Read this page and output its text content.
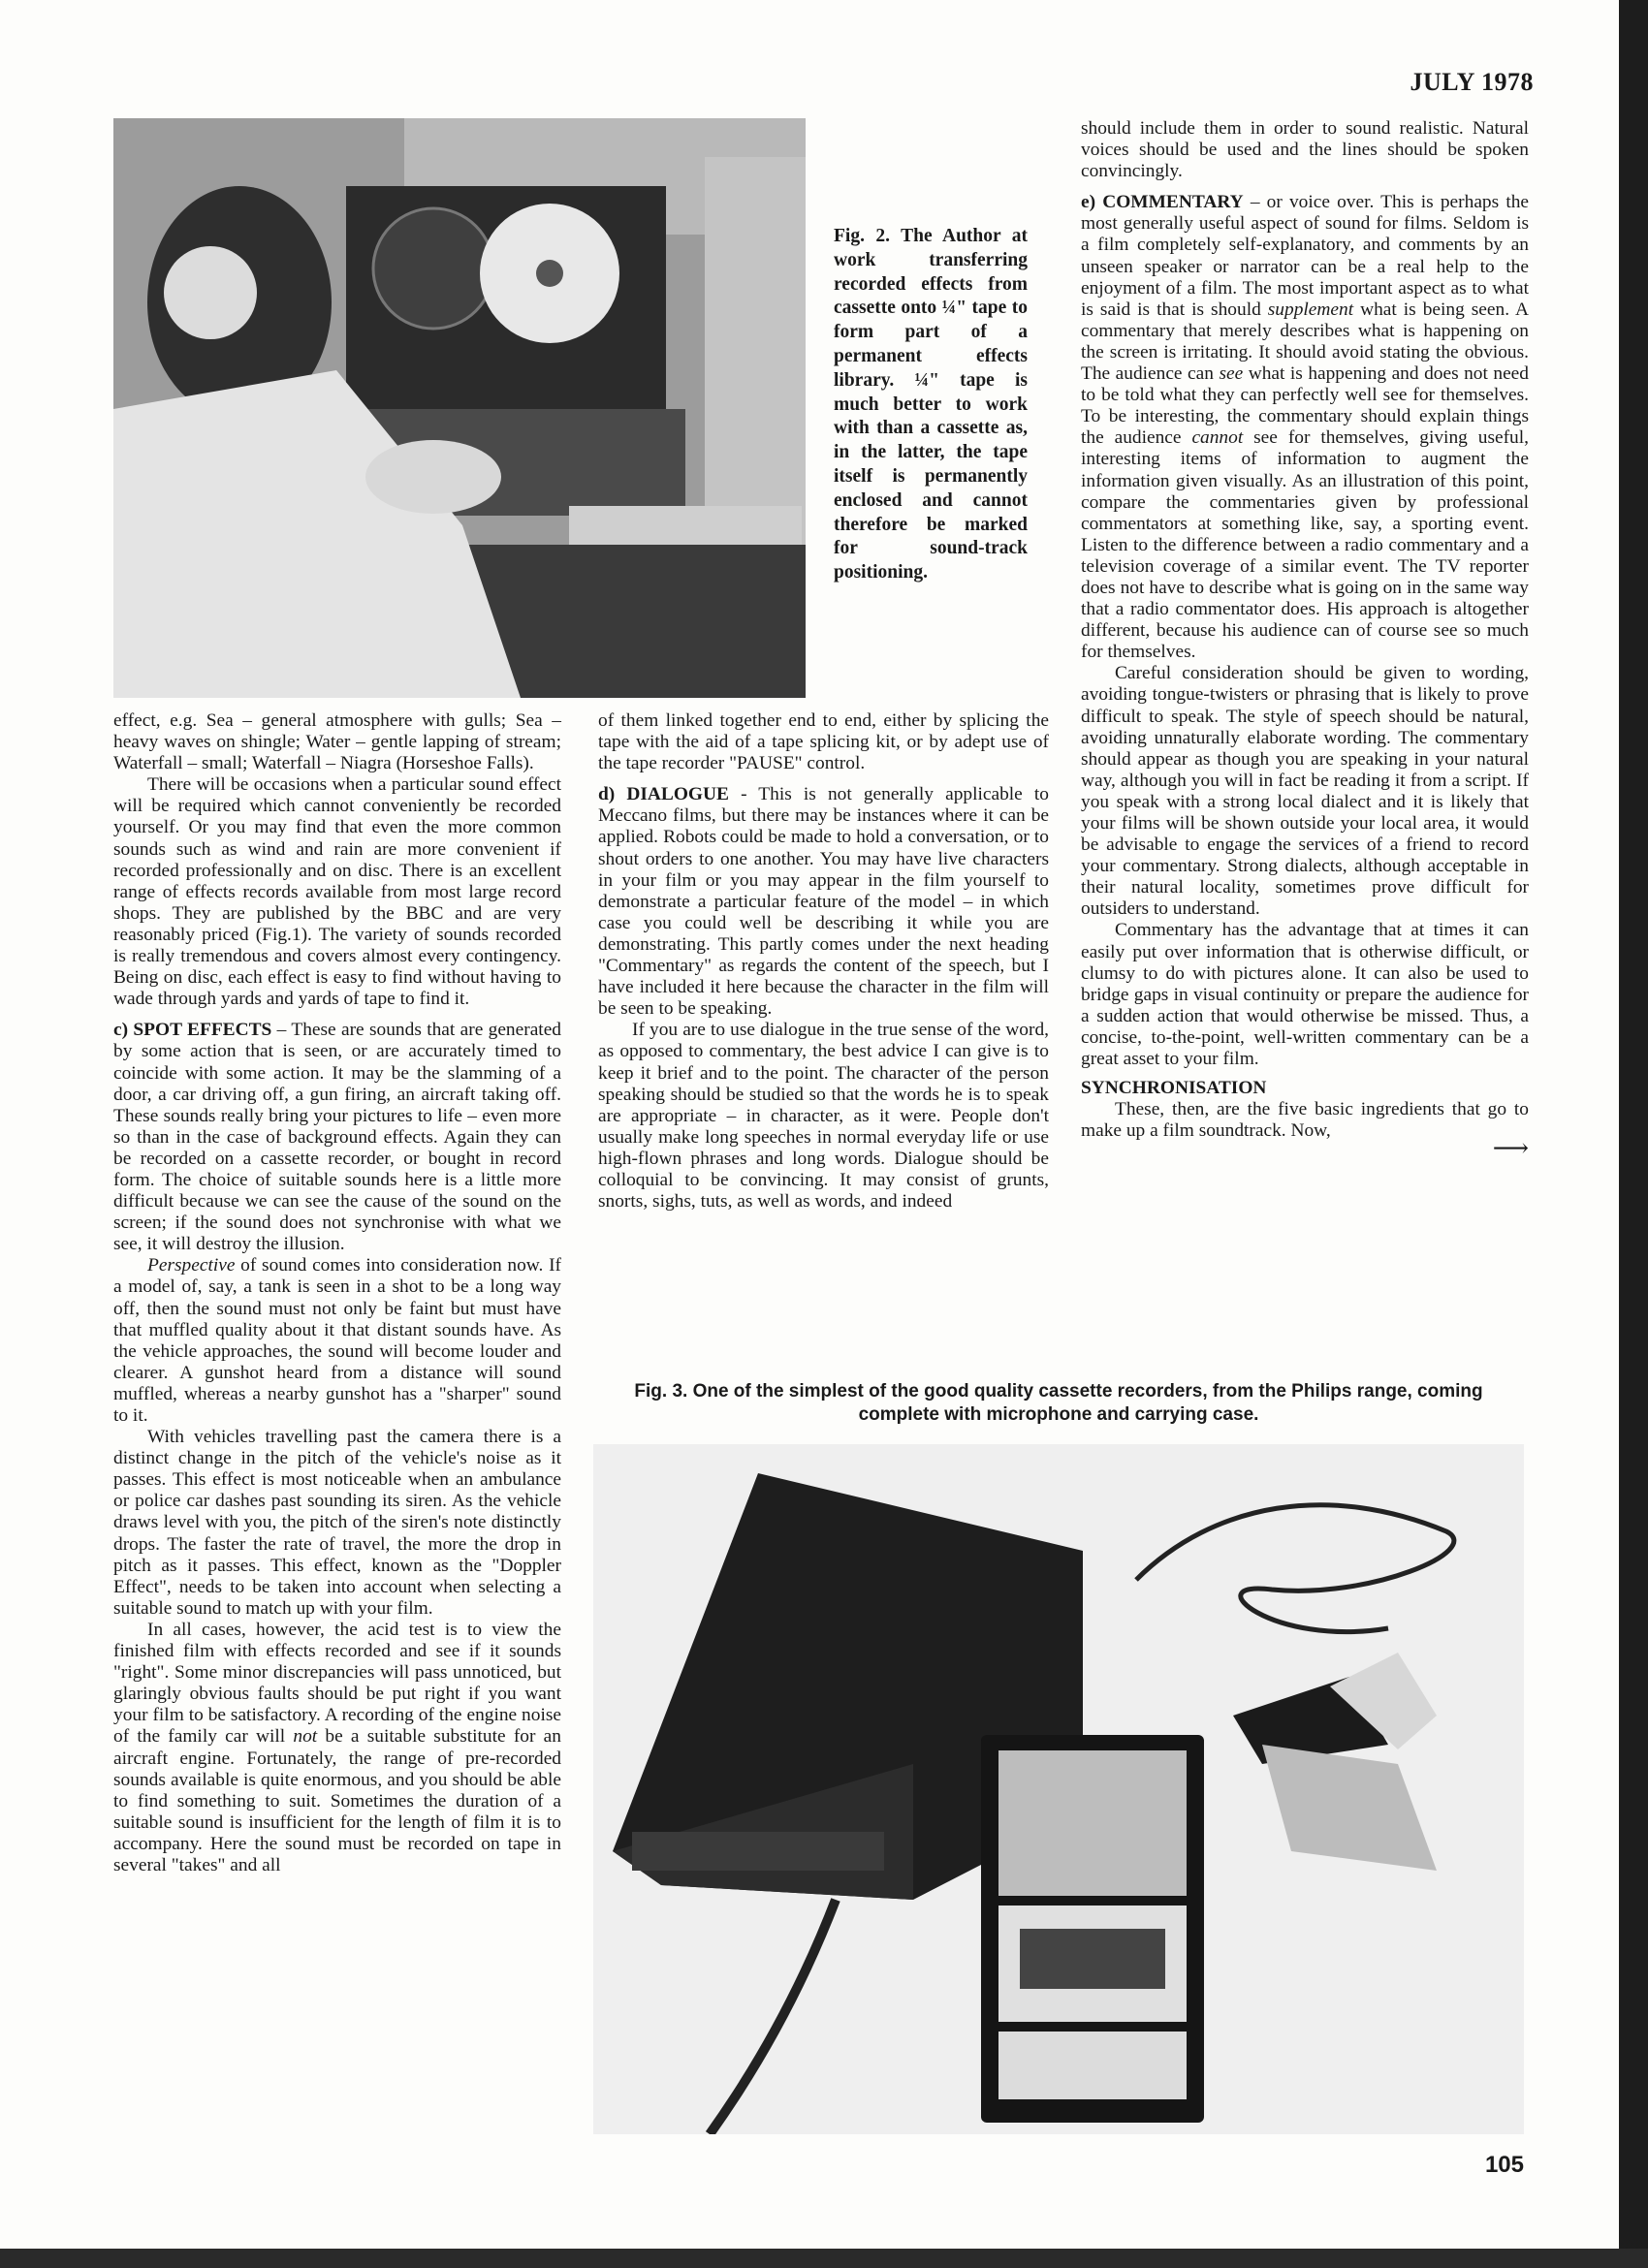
JULY 1978
Fig. 2. The Author at work transferring recorded effects from cassette onto ¼" tape to form part of a permanent effects library. ¼" tape is much better to work with than a cassette as, in the latter, the tape itself is permanently enclosed and cannot therefore be marked for sound-track positioning.

effect, e.g. Sea – general atmosphere with gulls; Sea – heavy waves on shingle; Water – gentle lapping of stream; Waterfall – small; Waterfall – Niagra (Horseshoe Falls).

There will be occasions when a particular sound effect will be required which cannot conveniently be recorded yourself. Or you may find that even the more common sounds such as wind and rain are more convenient if recorded professionally and on disc. There is an excellent range of effects records available from most large record shops. They are published by the BBC and are very reasonably priced (Fig.1). The variety of sounds recorded is really tremendous and covers almost every contingency. Being on disc, each effect is easy to find without having to wade through yards and yards of tape to find it.

c) SPOT EFFECTS – These are sounds that are generated by some action that is seen, or are accurately timed to coincide with some action. It may be the slamming of a door, a car driving off, a gun firing, an aircraft taking off. These sounds really bring your pictures to life – even more so than in the case of background effects. Again they can be recorded on a cassette recorder, or bought in record form. The choice of suitable sounds here is a little more difficult because we can see the cause of the sound on the screen; if the sound does not synchronise with what we see, it will destroy the illusion.

Perspective of sound comes into consideration now. If a model of, say, a tank is seen in a shot to be a long way off, then the sound must not only be faint but must have that muffled quality about it that distant sounds have. As the vehicle approaches, the sound will become louder and clearer. A gunshot heard from a distance will sound muffled, whereas a nearby gunshot has a "sharper" sound to it.

With vehicles travelling past the camera there is a distinct change in the pitch of the vehicle's noise as it passes. This effect is most noticeable when an ambulance or police car dashes past sounding its siren. As the vehicle draws level with you, the pitch of the siren's note distinctly drops. The faster the rate of travel, the more the drop in pitch as it passes. This effect, known as the "Doppler Effect", needs to be taken into account when selecting a suitable sound to match up with your film.

In all cases, however, the acid test is to view the finished film with effects recorded and see if it sounds "right". Some minor discrepancies will pass unnoticed, but glaringly obvious faults should be put right if you want your film to be satisfactory. A recording of the engine noise of the family car will not be a suitable substitute for an aircraft engine. Fortunately, the range of pre-recorded sounds available is quite enormous, and you should be able to find something to suit. Sometimes the duration of a suitable sound is insufficient for the length of film it is to accompany. Here the sound must be recorded on tape in several "takes" and all

of them linked together end to end, either by splicing the tape with the aid of a tape splicing kit, or by adept use of the tape recorder "PAUSE" control.

d) DIALOGUE - This is not generally applicable to Meccano films, but there may be instances where it can be applied. Robots could be made to hold a conversation, or to shout orders to one another. You may have live characters in your film or you may appear in the film yourself to demonstrate a particular feature of the model – in which case you could well be describing it while you are demonstrating. This partly comes under the next heading "Commentary" as regards the content of the speech, but I have included it here because the character in the film will be seen to be speaking.

If you are to use dialogue in the true sense of the word, as opposed to commentary, the best advice I can give is to keep it brief and to the point. The character of the person speaking should be studied so that the words he is to speak are appropriate – in character, as it were. People don't usually make long speeches in normal everyday life or use high-flown phrases and long words. Dialogue should be colloquial to be convincing. It may consist of grunts, snorts, sighs, tuts, as well as words, and indeed

should include them in order to sound realistic. Natural voices should be used and the lines should be spoken convincingly.

e) COMMENTARY – or voice over. This is perhaps the most generally useful aspect of sound for films. Seldom is a film completely self-explanatory, and comments by an unseen speaker or narrator can be a real help to the enjoyment of a film. The most important aspect as to what is said is that is should supplement what is being seen. A commentary that merely describes what is happening on the screen is irritating. It should avoid stating the obvious. The audience can see what is happening and does not need to be told what they can perfectly well see for themselves. To be interesting, the commentary should explain things the audience cannot see for themselves, giving useful, interesting items of information to augment the information given visually. As an illustration of this point, compare the commentaries given by professional commentators at something like, say, a sporting event. Listen to the difference between a radio commentary and a television coverage of a similar event. The TV reporter does not have to describe what is going on in the same way that a radio commentator does. His approach is altogether different, because his audience can of course see so much for themselves.

Careful consideration should be given to wording, avoiding tongue-twisters or phrasing that is likely to prove difficult to speak. The style of speech should be natural, avoiding unnaturally elaborate wording. The commentary should appear as though you are speaking in your natural way, although you will in fact be reading it from a script. If you speak with a strong local dialect and it is likely that your films will be shown outside your local area, it would be advisable to engage the services of a friend to record your commentary. Strong dialects, although acceptable in their natural locality, sometimes prove difficult for outsiders to understand.

Commentary has the advantage that at times it can easily put over information that is otherwise difficult, or clumsy to do with pictures alone. It can also be used to bridge gaps in visual continuity or prepare the audience for a sudden action that would otherwise be missed. Thus, a concise, to-the-point, well-written commentary can be a great asset to your film.

SYNCHRONISATION

These, then, are the five basic ingredients that go to make up a film soundtrack. Now,

⟶
Fig. 3. One of the simplest of the good quality cassette recorders, from the Philips range, coming complete with microphone and carrying case.
105
